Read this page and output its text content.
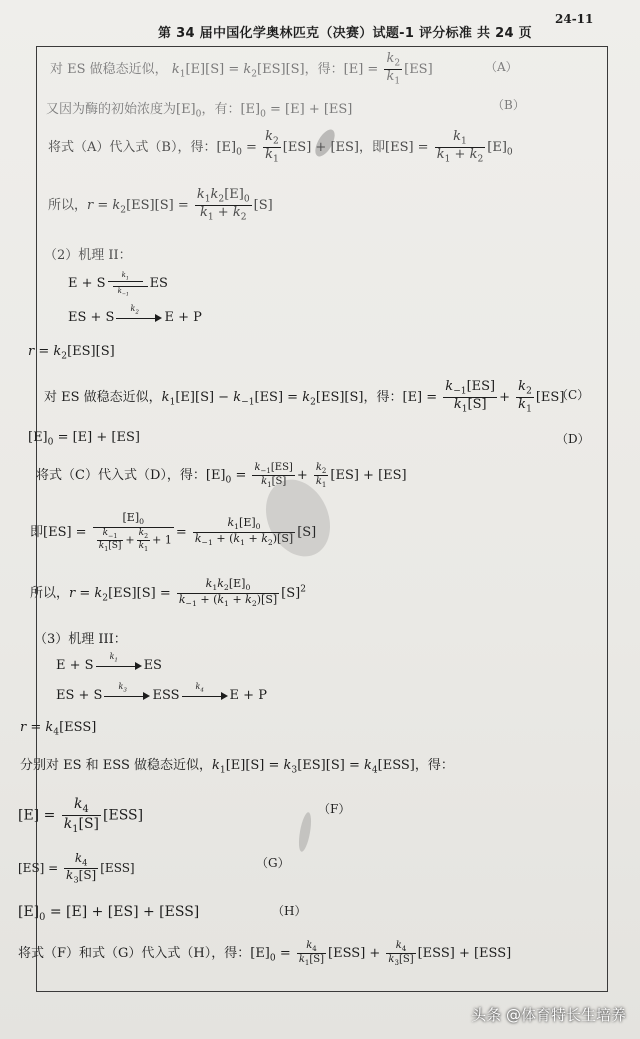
第 34 届中国化学奥林匹克（决赛）试题-1 评分标准 共 24 页
24-11
对 ES 做稳态近似， $k_1[E][S] = k_2[ES][S]$，得：$[E] = \frac{k_2}{k_1} [ES]$	（A）
又因为酶的初始浓度为$[E]_0$，有：$[E]_0 = [E] + [ES]$	（B）
将式（A）代入式（B），得：$[E]_0 = \frac{k_2}{k_1} [ES] + [ES]$，即$[ES] = \frac{k_1}{k_1 + k_2} [E]_0$
所以，$r = k_2[ES][S] = \frac{k_1k_2[E]_0}{k_1 + k_2} [S]$
（2）机理 II：
E + S
$k_1$
$k_{-1}$
ES
ES + S
$k_2$ E + P
$r = k_2[ES][S]$
对 ES 做稳态近似，$k_1[E][S] - k_{-1}[ES] = k_2[ES][S]$，得：$[E] = \frac{k_{-1}[ES]}{k_1[S]} + \frac{k_2}{k_1} [ES]$
（C）
$[E]_0 = [E] + [ES]$	（D）
将式（C）代入式（D），得：$[E]_0 = \frac{k_{-1}[ES]}{k_1[S]} + \frac{k_2}{k_1} [ES] + [ES]$
即$[ES] = \frac{[E]_0}{\frac{k_{-1}}{k_1[S]} + \frac{k_2}{k_1} + 1} = \frac{k_1[E]_0}{k_{-1} + (k_1 + k_2)[S]} [S]$
所以，$r = k_2[ES][S] = \frac{k_1k_2[E]_0}{k_{-1} + (k_1 + k_2)[S]} [S]^2$
（3）机理 III：
E + S
$k_1$ ES
ES + S
$k_3$ ESS
$k_4$ E + P
$r = k_4[ESS]$
分别对 ES 和 ESS 做稳态近似，$k_1[E][S] = k_3[ES][S] = k_4[ESS]$，得：
$[E] = \frac{k_4}{k_1[S]} [ESS]$	（F）
$[ES] = \frac{k_4}{k_3[S]} [ESS]$	（G）
$[E]_0 = [E] + [ES] + [ESS]$	（H）
将式（F）和式（G）代入式（H），得：$[E]_0 = \frac{k_4}{k_1[S]} [ESS] + \frac{k_4}{k_3[S]} [ESS] + [ESS]$
头条 @体育特长生培养
